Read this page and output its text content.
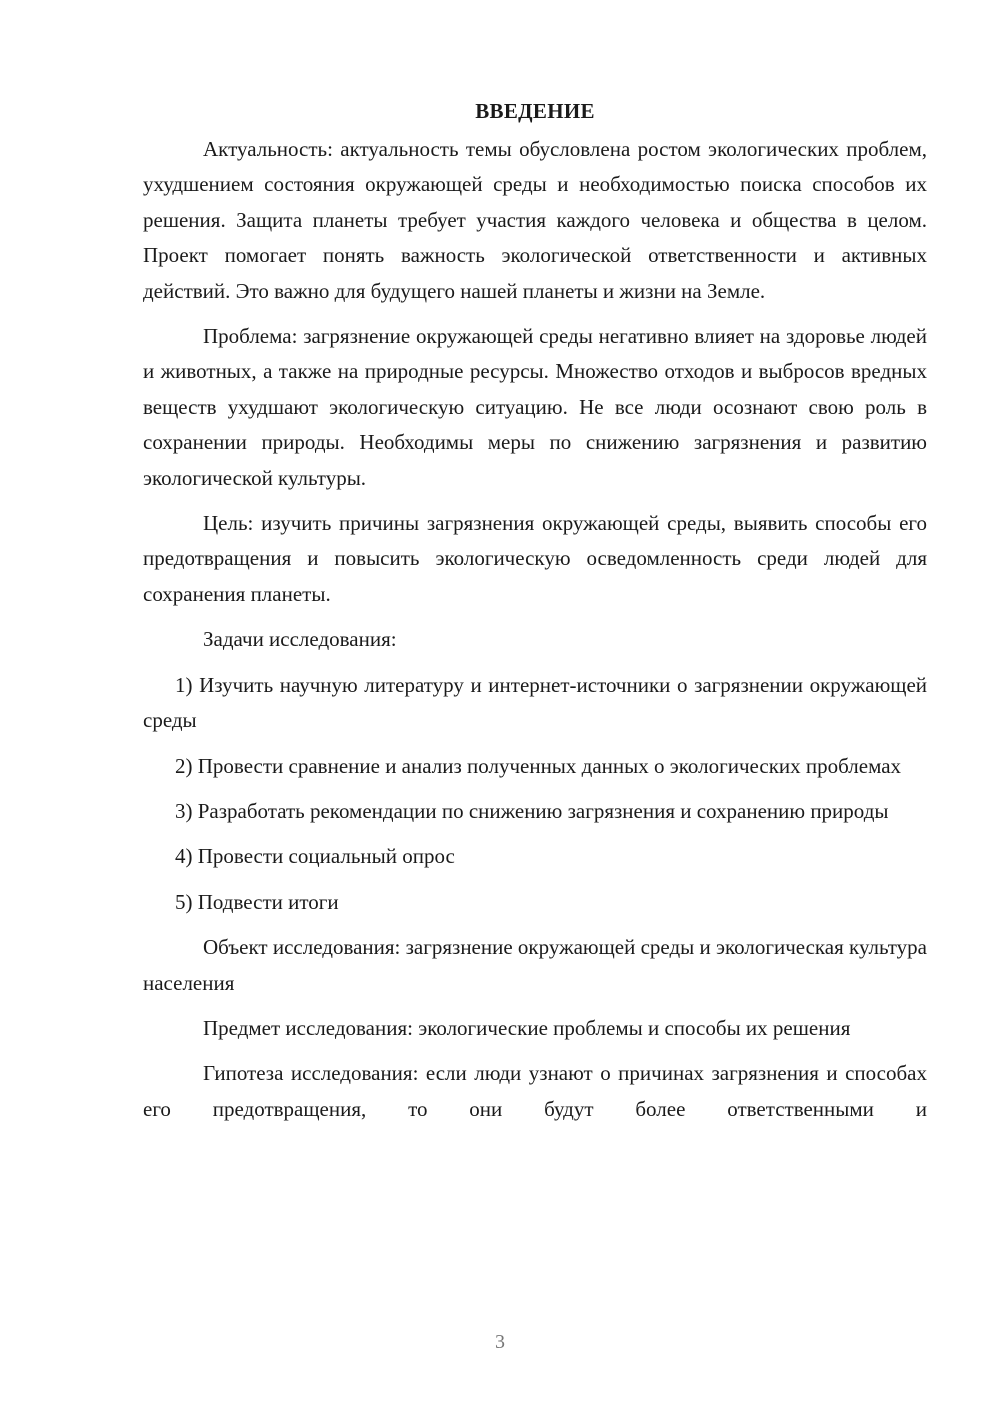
ВВЕДЕНИЕ

Актуальность: актуальность темы обусловлена ростом экологических проблем, ухудшением состояния окружающей среды и необходимостью поиска способов их решения. Защита планеты требует участия каждого человека и общества в целом. Проект помогает понять важность экологической ответственности и активных действий. Это важно для будущего нашей планеты и жизни на Земле.

Проблема: загрязнение окружающей среды негативно влияет на здоровье людей и животных, а также на природные ресурсы. Множество отходов и выбросов вредных веществ ухудшают экологическую ситуацию. Не все люди осознают свою роль в сохранении природы. Необходимы меры по снижению загрязнения и развитию экологической культуры.

Цель: изучить причины загрязнения окружающей среды, выявить способы его предотвращения и повысить экологическую осведомленность среди людей для сохранения планеты.

Задачи исследования:

1) Изучить научную литературу и интернет-источники о загрязнении окружающей среды

2) Провести сравнение и анализ полученных данных о экологических проблемах

3) Разработать рекомендации по снижению загрязнения и сохранению природы

4) Провести социальный опрос

5) Подвести итоги

Объект исследования: загрязнение окружающей среды и экологическая культура населения

Предмет исследования: экологические проблемы и способы их решения

Гипотеза исследования: если люди узнают о причинах загрязнения и способах его предотвращения, то они будут более ответственными и

3
